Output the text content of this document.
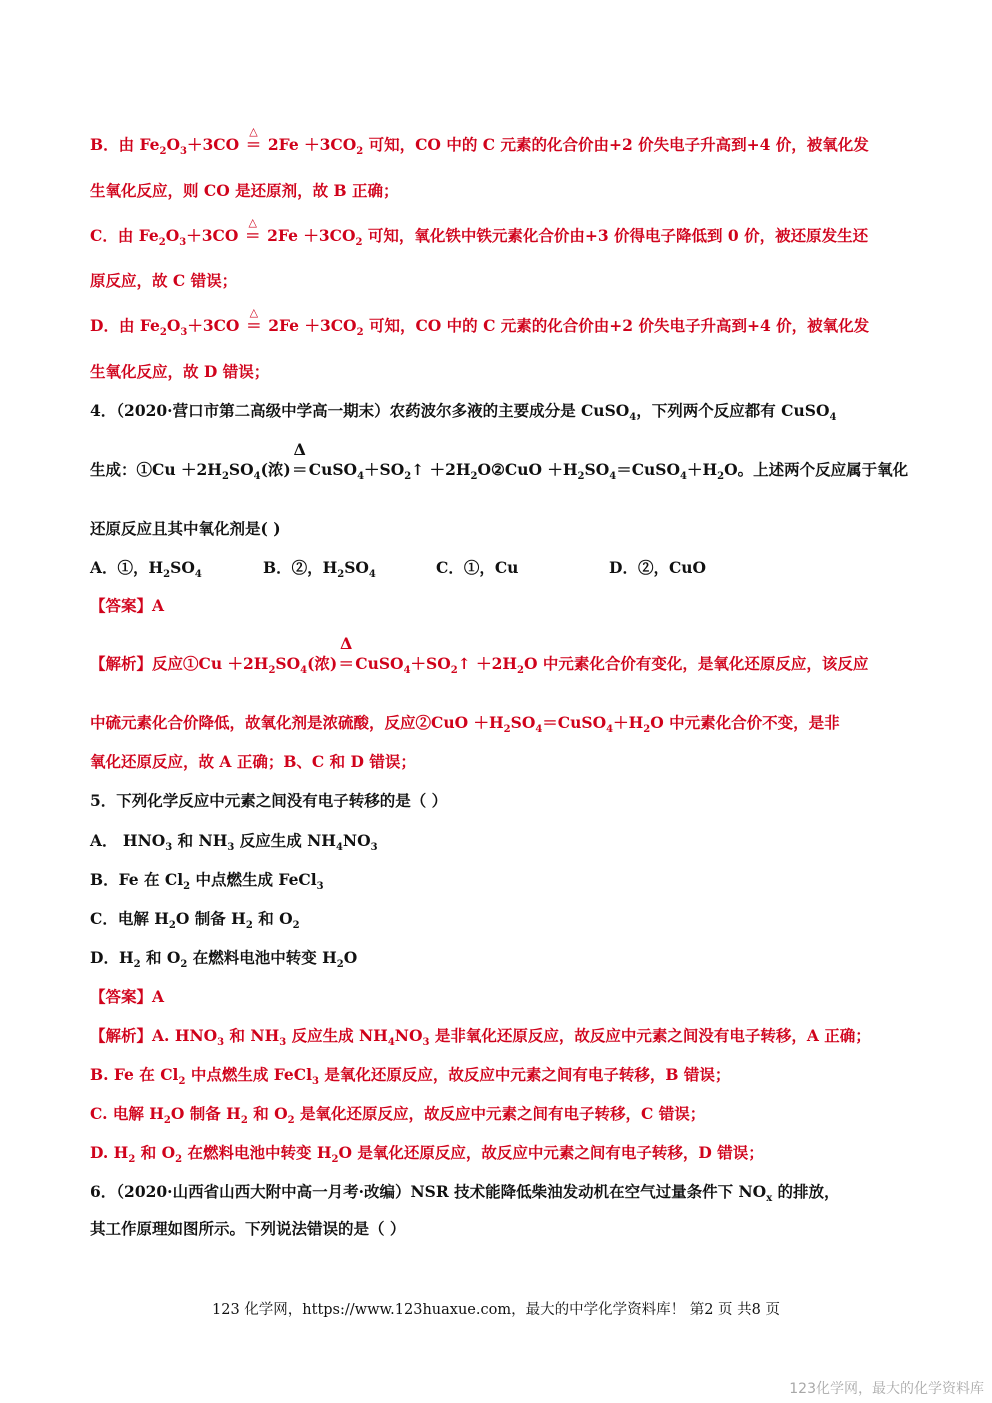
B．由 $Fe_2O_3+3CO$
△
＝ $2Fe +3CO_2$ 可知，CO 中的 C 元素的化合价由+2 价失电子升高到+4 价，被氧化发
生氧化反应，则 CO 是还原剂，故 B 正确；
C．由 $Fe_2O_3+3CO$
△
＝ $2Fe +3CO_2$ 可知，氧化铁中铁元素化合价由+3 价得电子降低到 0 价，被还原发生还
原反应，故 C 错误；
D．由 $Fe_2O_3+3CO$
△
＝ $2Fe +3CO_2$ 可知，CO 中的 C 元素的化合价由+2 价失电子升高到+4 价，被氧化发
生氧化反应，故 D 错误；
4．（2020·营口市第二高级中学高一期末）农药波尔多液的主要成分是 CuSO$_4$，下列两个反应都有 CuSO$_4$
生成：①Cu $+2H_2SO_4$(浓)
Δ
$=CuSO_4+SO_2↑$ $+2H_2O②CuO$ $+H_2SO_4=CuSO_4+H_2O$。上述两个反应属于氧化
还原反应且其中氧化剂是( )
A．①，$H_2SO_4$	B．②，$H_2SO_4$	C．①，Cu	D．②，CuO
【答案】A
【解析】反应①Cu $+2H_2SO_4$(浓)
Δ
$=CuSO_4+SO_2↑ +2H_2O$ 中元素化合价有变化，是氧化还原反应，该反应
中硫元素化合价降低，故氧化剂是浓硫酸，反应②CuO $+H_2SO_4=CuSO_4+H_2O$ 中元素化合价不变，是非
氧化还原反应，故 A 正确；B、C 和 D 错误；
5．下列化学反应中元素之间没有电子转移的是（ ）
A． $HNO_3$ 和 $NH_3$ 反应生成 $NH_4NO_3$
B．Fe 在 $Cl_2$ 中点燃生成 FeCl$_3$
C．电解 $H_2O$ 制备 $H_2$ 和 $O_2$
D．$H_2$ 和 $O_2$ 在燃料电池中转变 $H_2O$
【答案】A
【解析】A. $HNO_3$ 和 $NH_3$ 反应生成 $NH_4NO_3$ 是非氧化还原反应，故反应中元素之间没有电子转移，A 正确；
B. Fe 在 $Cl_2$ 中点燃生成 FeCl$_3$ 是氧化还原反应，故反应中元素之间有电子转移，B 错误；
C. 电解 $H_2O$ 制备 $H_2$ 和 $O_2$ 是氧化还原反应，故反应中元素之间有电子转移，C 错误；
D. $H_2$ 和 $O_2$ 在燃料电池中转变 $H_2O$ 是氧化还原反应，故反应中元素之间有电子转移，D 错误；
6．（2020·山西省山西大附中高一月考·改编）NSR 技术能降低柴油发动机在空气过量条件下 $NO_x$ 的排放，
其工作原理如图所示。下列说法错误的是（ ）
123 化学网，https://www.123huaxue.com，最大的中学化学资料库！ 第2 页 共8 页
123化学网，最大的化学资料库
